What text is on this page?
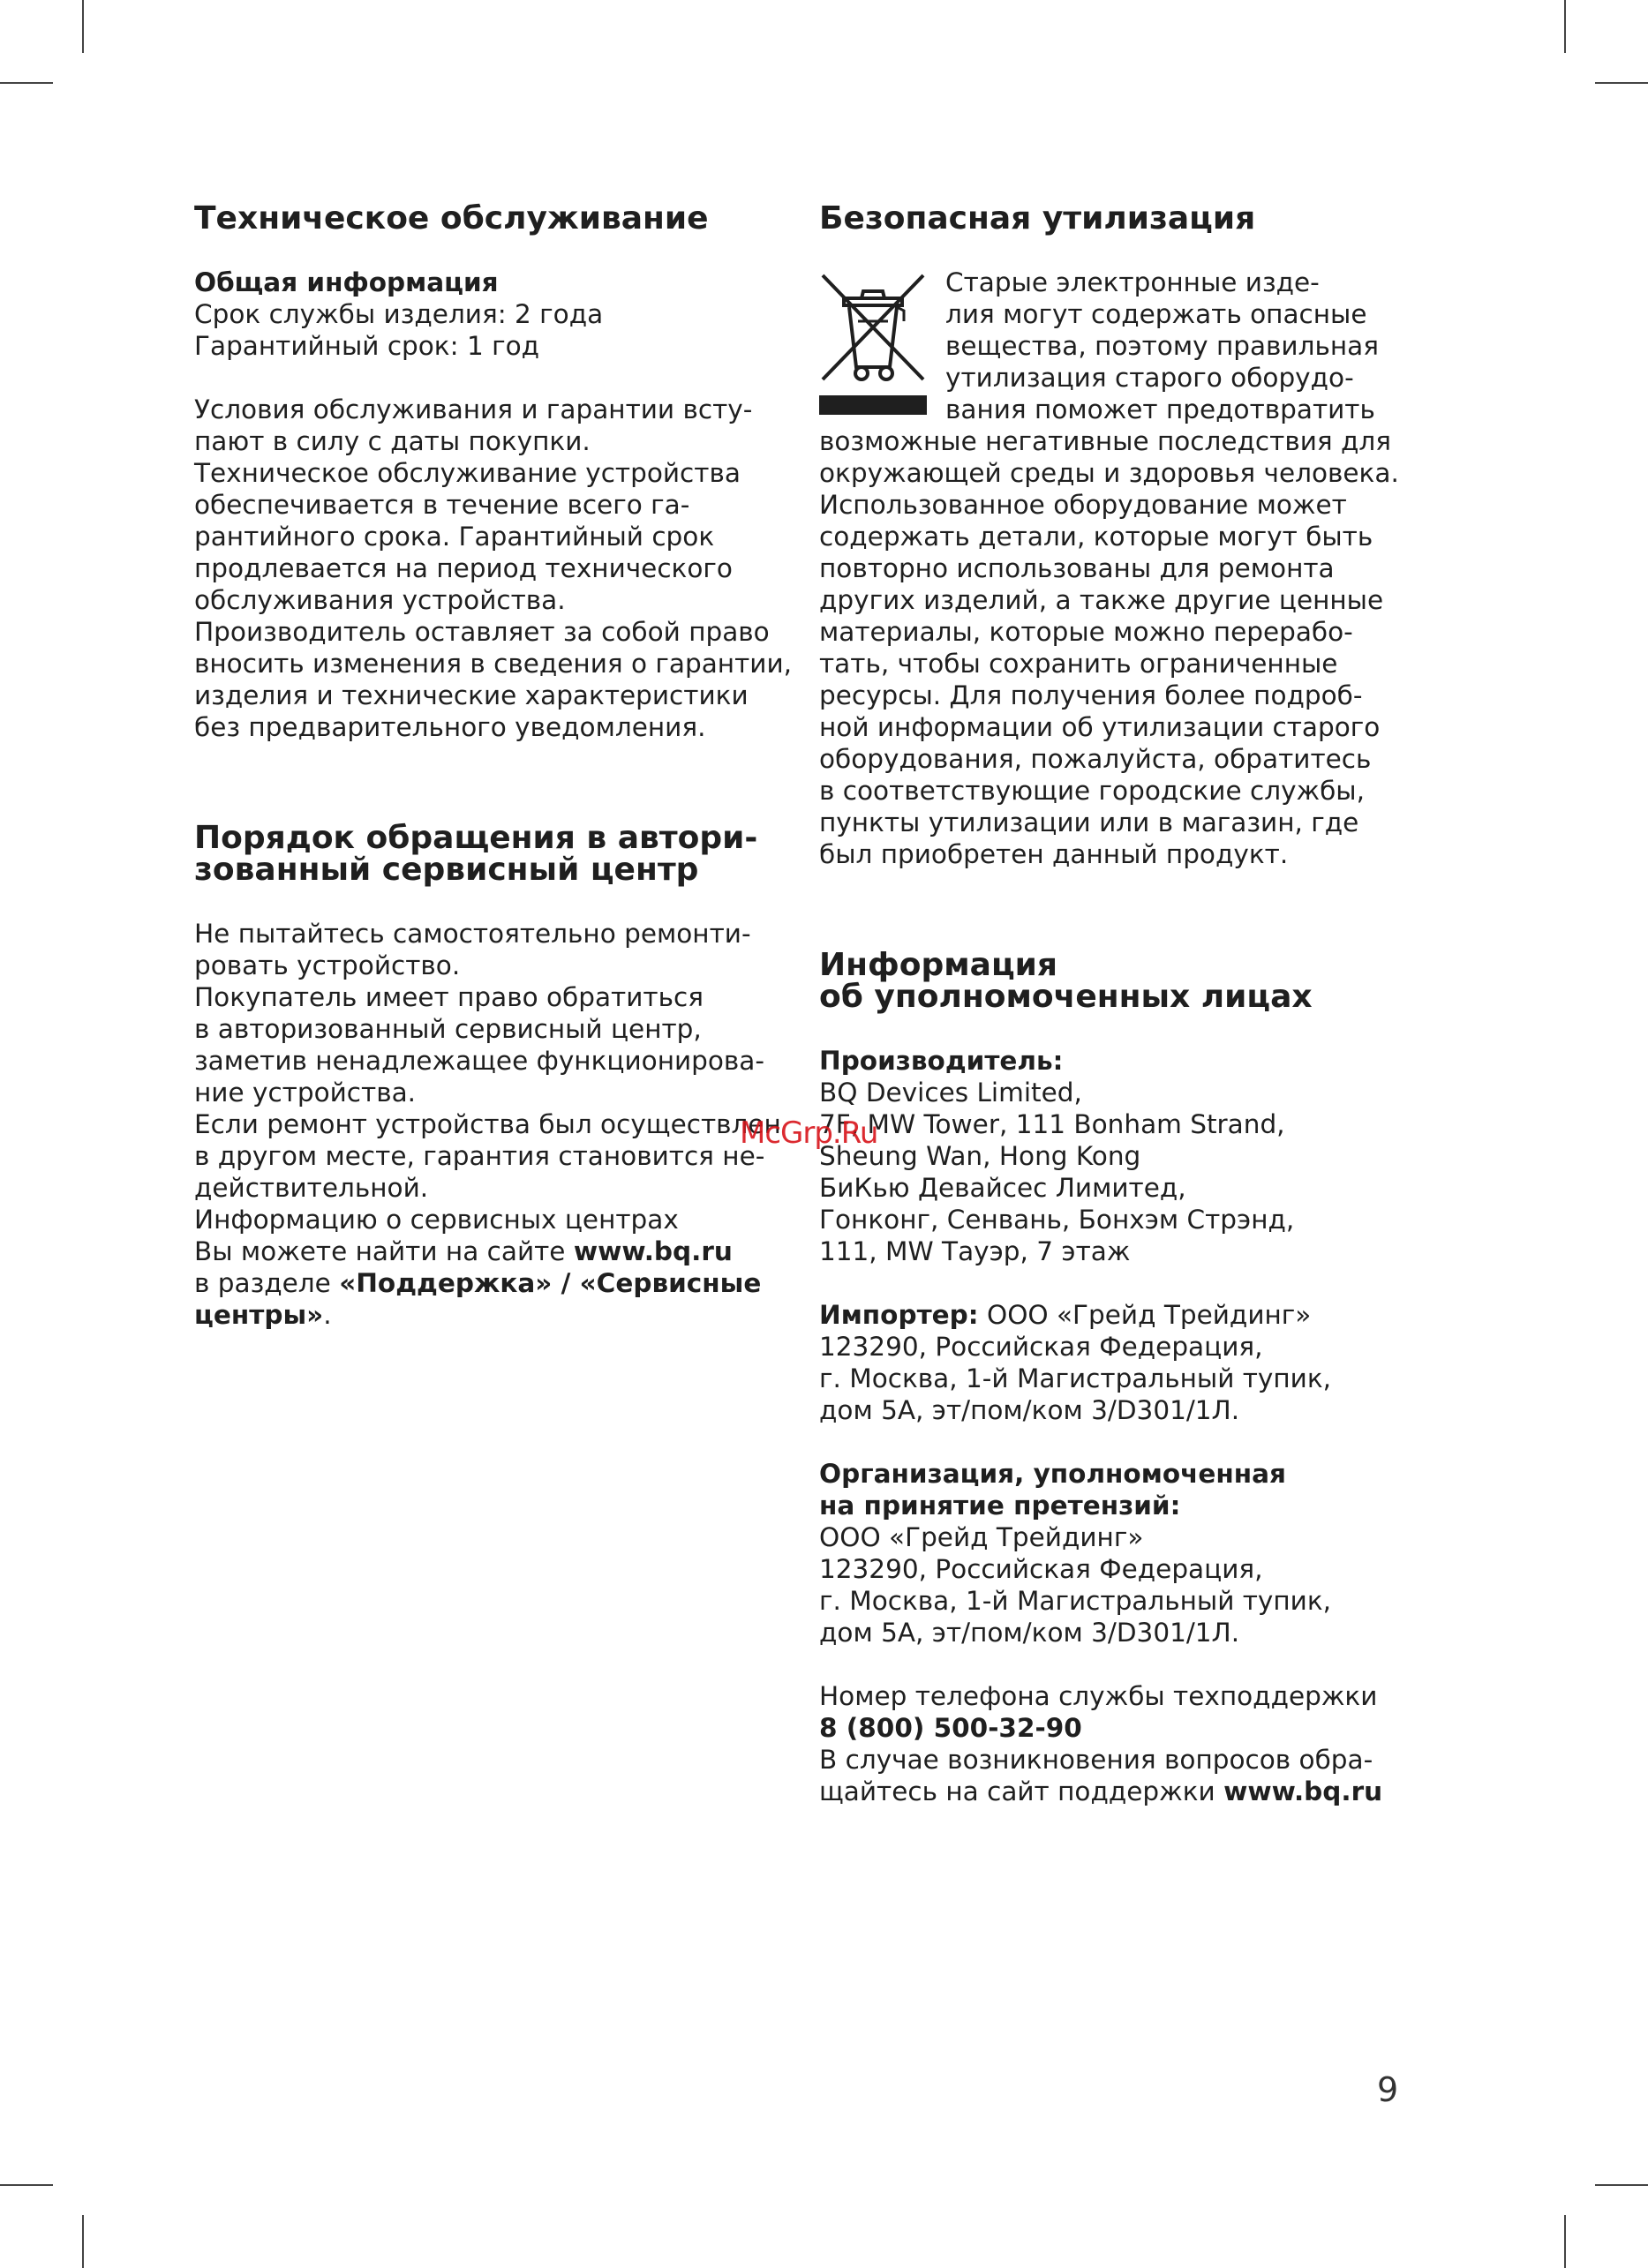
Техническое обслуживание
Общая информация
Срок службы изделия: 2 года
Гарантийный срок: 1 год
Условия обслуживания и гарантии всту-
пают в силу с даты покупки.
Техническое обслуживание устройства
обеспечивается в течение всего га-
рантийного срока. Гарантийный срок
продлевается на период технического
обслуживания устройства.
Производитель оставляет за собой право
вносить изменения в сведения о гарантии,
изделия и технические характеристики
без предварительного уведомления.
Порядок обращения в автори-
зованный сервисный центр
Не пытайтесь самостоятельно ремонти-
ровать устройство.
Покупатель имеет право обратиться
в авторизованный сервисный центр,
заметив ненадлежащее функционирова-
ние устройства.
Если ремонт устройства был осуществлен
в другом месте, гарантия становится не-
действительной.
Информацию о сервисных центрах
Вы можете найти на сайте www.bq.ru
в разделе «Поддержка» / «Сервисные
центры».
Безопасная утилизация
Старые электронные изде-
лия могут содержать опасные
вещества, поэтому правильная
утилизация старого оборудо-
вания поможет предотвратить
возможные негативные последствия для
окружающей среды и здоровья человека.
Использованное оборудование может
содержать детали, которые могут быть
повторно использованы для ремонта
других изделий, а также другие ценные
материалы, которые можно перерабо-
тать, чтобы сохранить ограниченные
ресурсы. Для получения более подроб-
ной информации об утилизации старого
оборудования, пожалуйста, обратитесь
в соответствующие городские службы,
пункты утилизации или в магазин, где
был приобретен данный продукт.
Информация
об уполномоченных лицах
Производитель:
BQ Devices Limited,
7F, MW Tower, 111 Bonham Strand,
Sheung Wan, Hong Kong
БиКью Девайсес Лимитед,
Гонконг, Сенвань, Бонхэм Стрэнд,
111, MW Тауэр, 7 этаж
Импортер: ООО «Грейд Трейдинг»
123290, Российская Федерация,
г. Москва, 1-й Магистральный тупик,
дом 5А, эт/пом/ком 3/D301/1Л.
Организация, уполномоченная
на принятие претензий:
ООО «Грейд Трейдинг»
123290, Российская Федерация,
г. Москва, 1-й Магистральный тупик,
дом 5А, эт/пом/ком 3/D301/1Л.
Номер телефона службы техподдержки
8 (800) 500-32-90
В случае возникновения вопросов обра-
щайтесь на сайт поддержки www.bq.ru
McGrp.Ru
9
